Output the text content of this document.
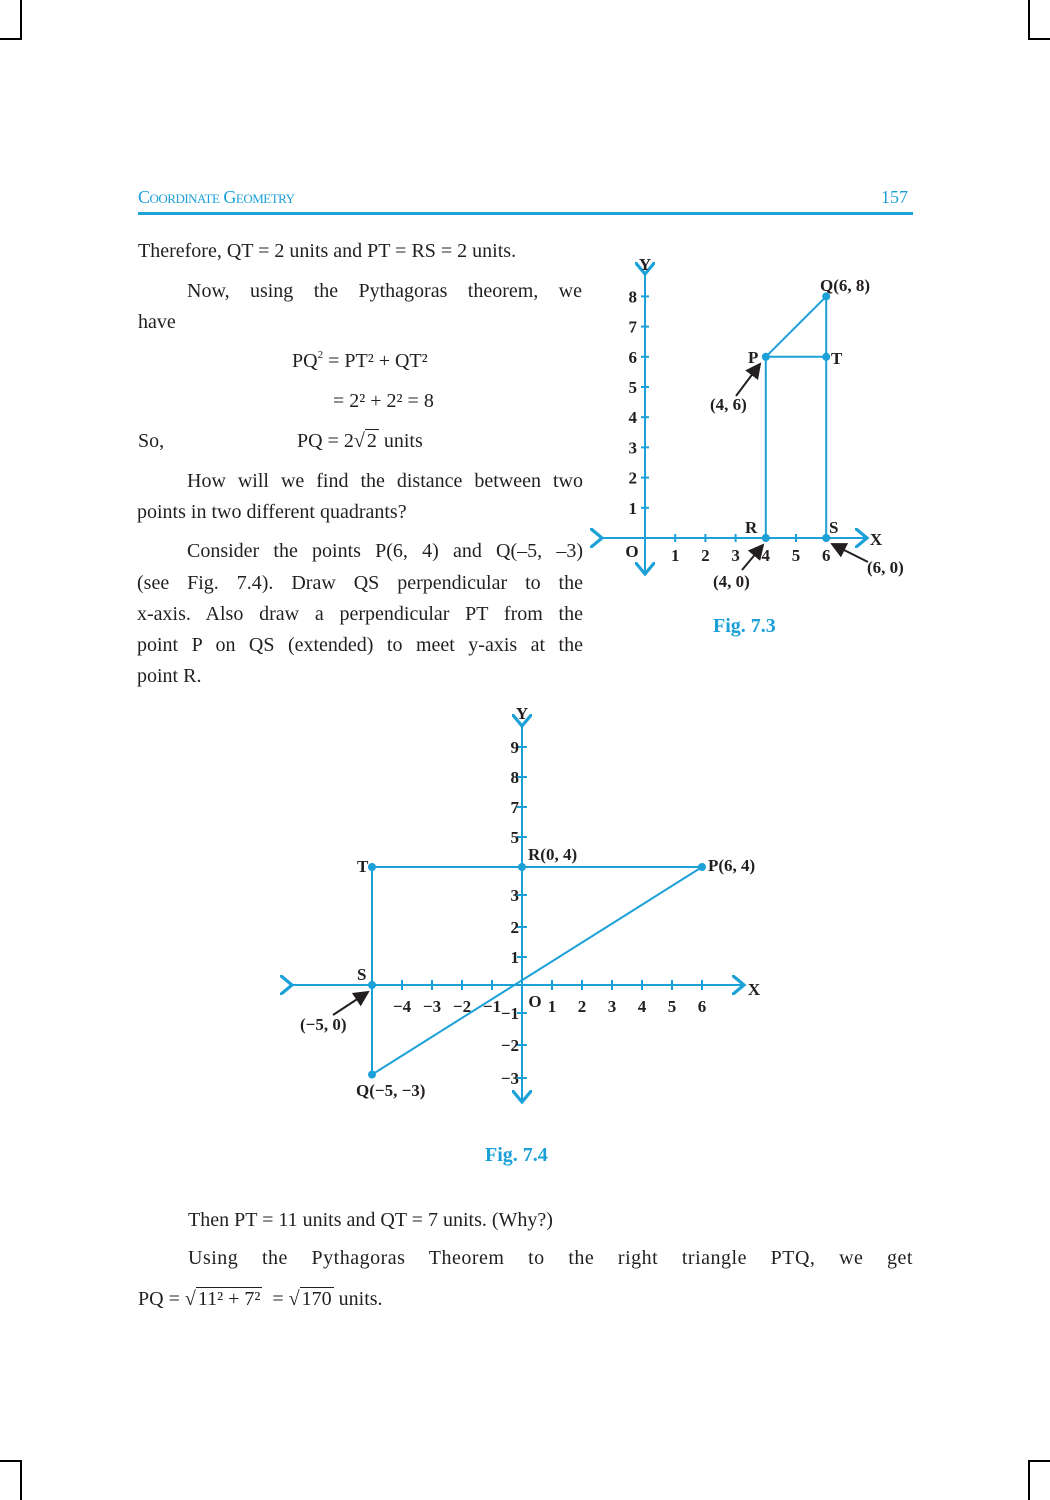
Coordinate Geometry	157
Therefore, QT = 2 units and PT = RS = 2 units.
Now, using the Pythagoras theorem, we
have
$PQ^2 = PT^2 + QT^2$
= 2² + 2² = 8
So,	PQ = 2√ 2 units
How will we find the distance between two
points in two different quadrants?
Consider the points P(6, 4) and Q(–5, –3)
(see Fig. 7.4). Draw QS perpendicular to the
x-axis. Also draw a perpendicular PT from the
point P on QS (extended) to meet y-axis at the
point R.
Then PT = 11 units and QT = 7 units. (Why?)
Using the Pythagoras Theorem to the right triangle PTQ, we get
PQ = √ 11² + 7² = √ 170 units.
Fig. 7.3
Fig. 7.4
1 2 3 4 5 6
1
2
3
4
5
6
7
8
X
Y
O
P
Q(6, 8)
T
R	S
(4, 6)
(4, 0)
(6, 0)
−4 −3 −2 −1	1 2 3 4 5 6
9
8
7
5
3
2
1
−1
−2
−3
X
Y
O
P(6, 4)
R(0, 4)
T
S
Q(−5, −3)
(−5, 0)
